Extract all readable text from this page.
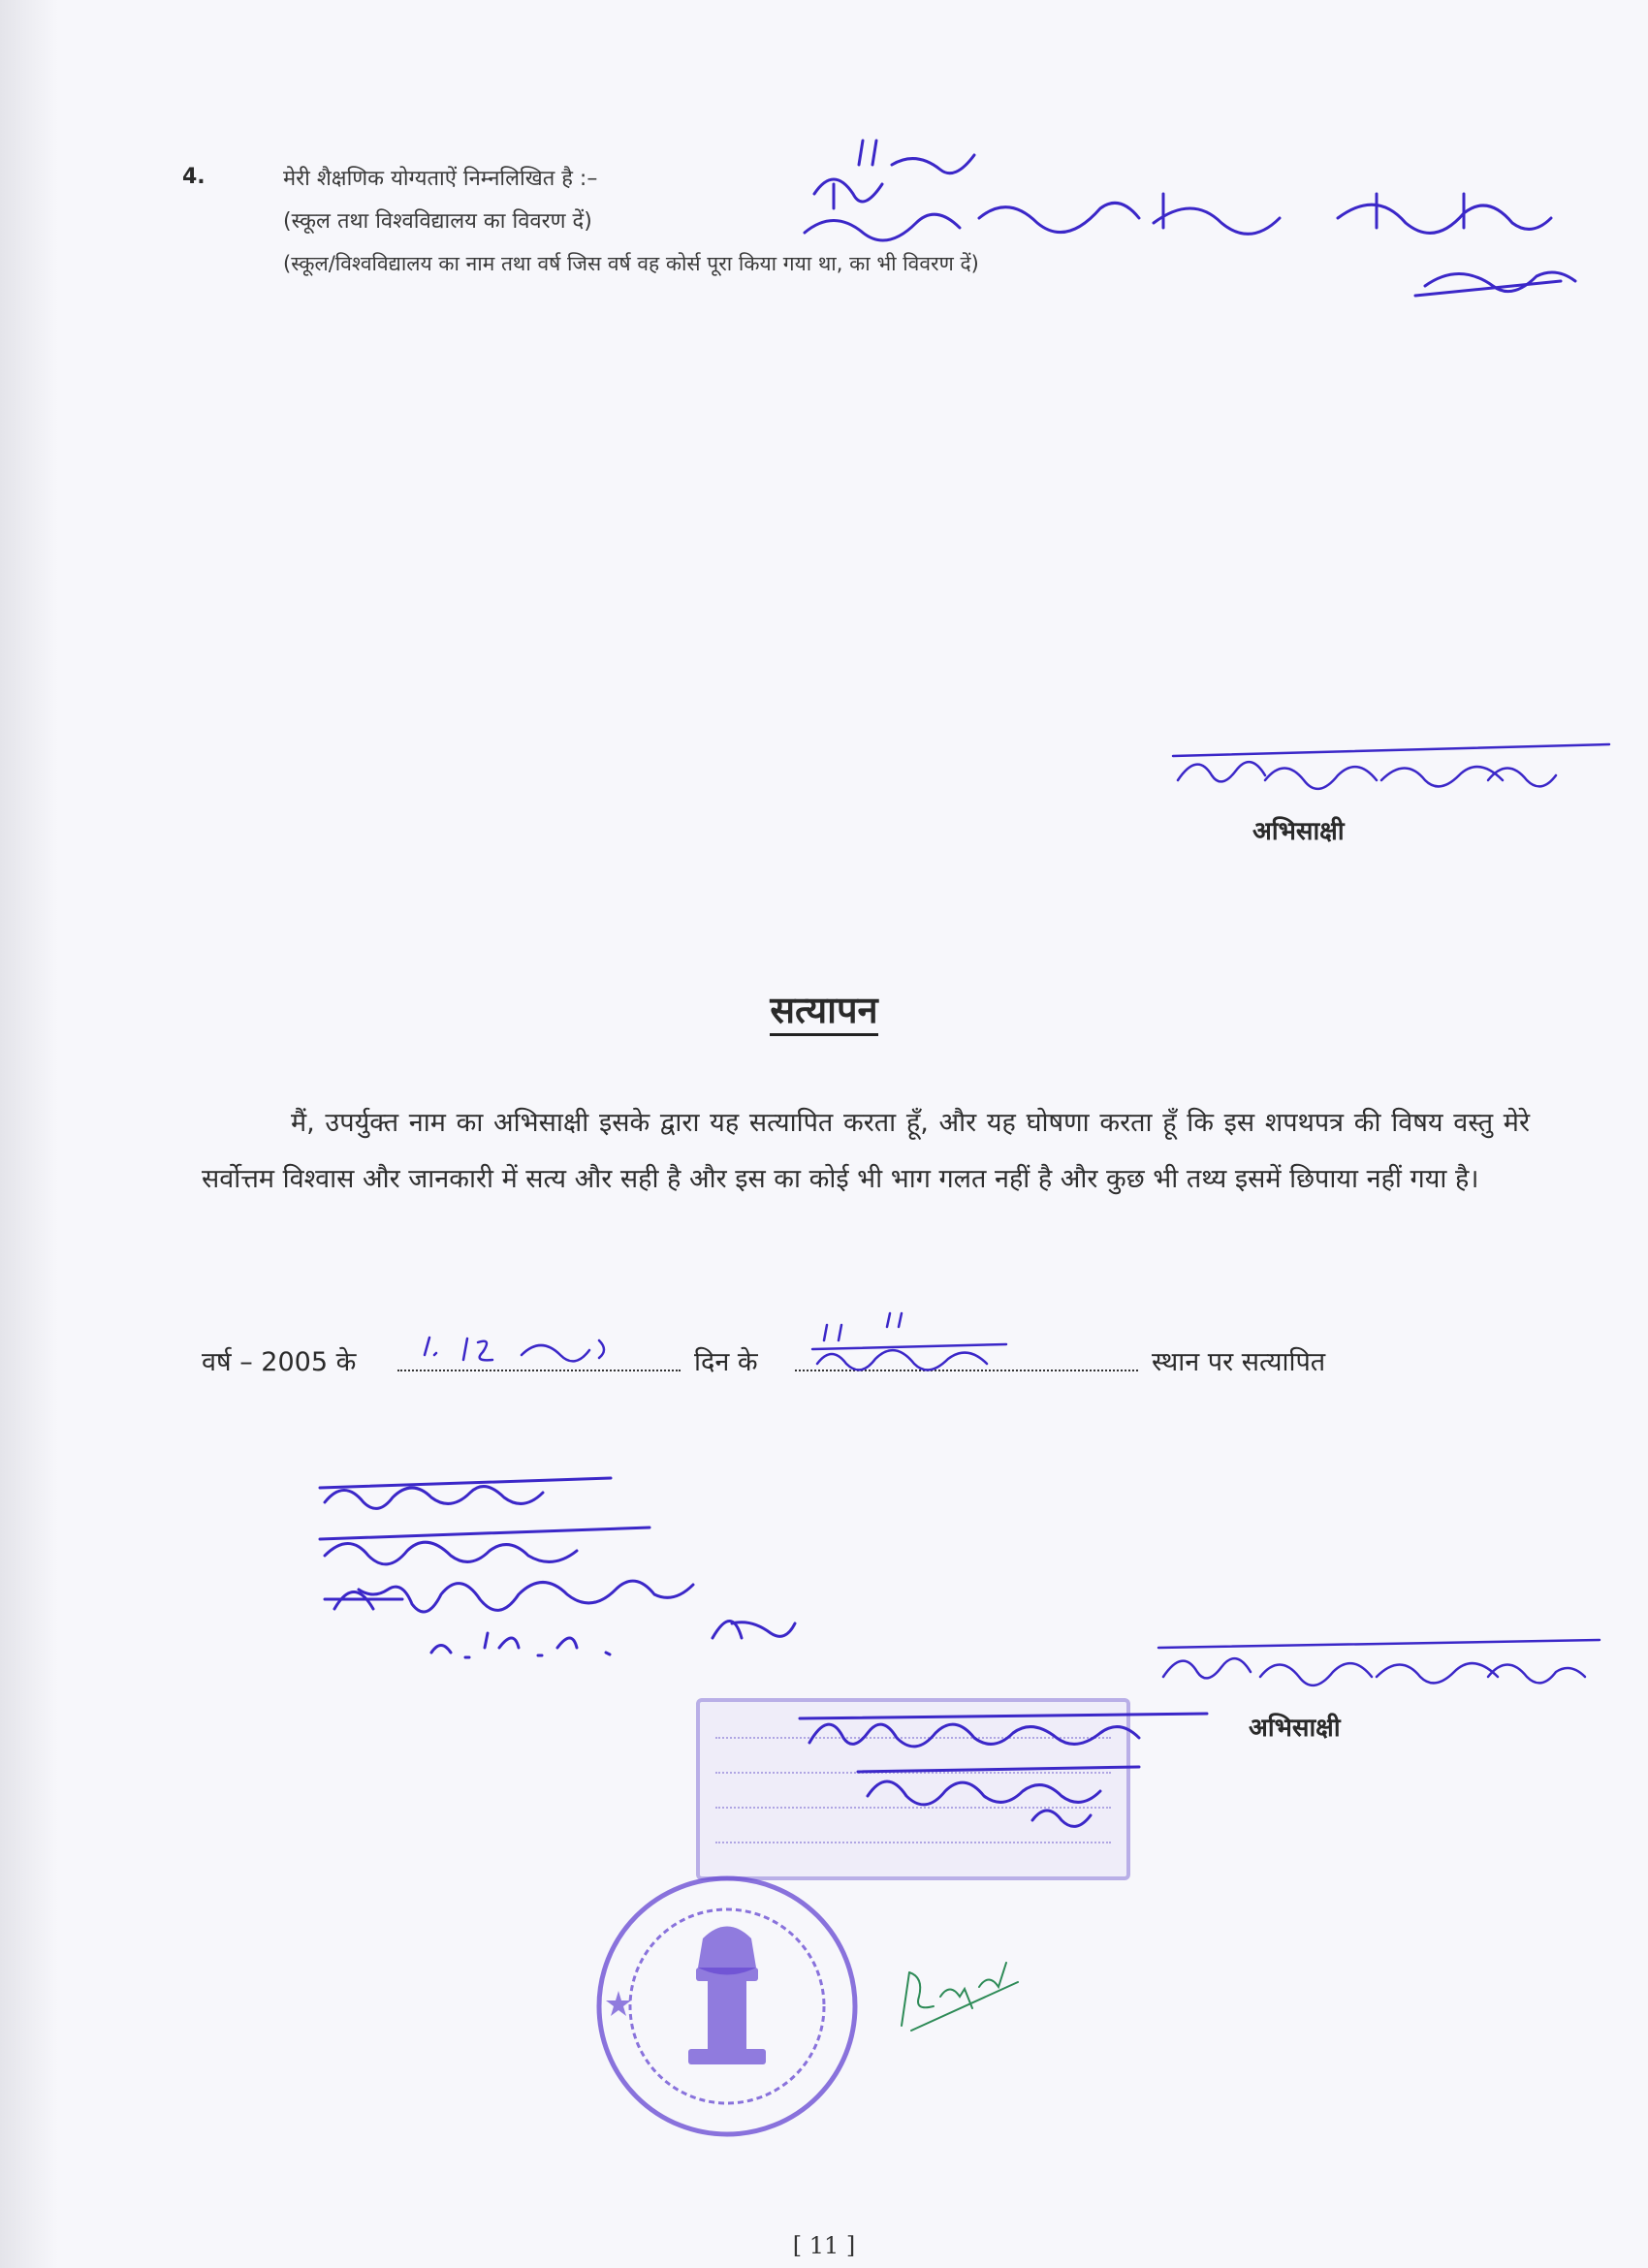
4.	मेरी शैक्षणिक योग्यताऐं निम्नलिखित है :–
(स्कूल तथा विश्वविद्यालय का विवरण दें)
(स्कूल/विश्वविद्यालय का नाम तथा वर्ष जिस वर्ष वह कोर्स पूरा किया गया था, का भी विवरण दें)
अभिसाक्षी
सत्यापन
मैं, उपर्युक्त नाम का अभिसाक्षी इसके द्वारा यह सत्यापित करता हूँ, और यह घोषणा करता हूँ कि इस शपथपत्र की विषय वस्तु मेरे सर्वोत्तम विश्वास और जानकारी में सत्य और सही है और इस का कोई भी भाग गलत नहीं है और कुछ भी तथ्य इसमें छिपाया नहीं गया है।
वर्ष – 2005 के	दिन के	स्थान पर सत्यापित
अभिसाक्षी
[ 11 ]
